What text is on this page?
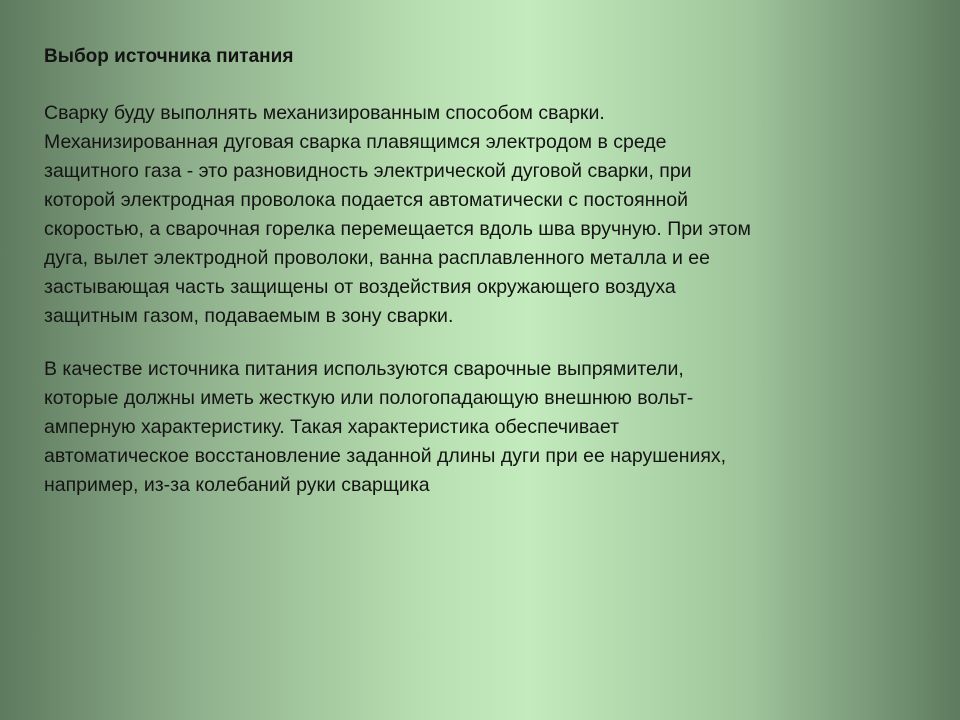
Выбор источника питания
Сварку буду выполнять механизированным способом сварки.
Механизированная дуговая сварка плавящимся электродом в среде
защитного газа - это разновидность электрической дуговой сварки, при
которой электродная проволока подается автоматически с постоянной
скоростью, а сварочная горелка перемещается вдоль шва вручную. При этом
дуга, вылет электродной проволоки, ванна расплавленного металла и ее
застывающая часть защищены от воздействия окружающего воздуха
защитным газом, подаваемым в зону сварки.
В качестве источника питания используются сварочные выпрямители,
которые должны иметь жесткую или пологопадающую внешнюю вольт-
амперную характеристику. Такая характеристика обеспечивает
автоматическое восстановление заданной длины дуги при ее нарушениях,
например, из-за колебаний руки сварщика
